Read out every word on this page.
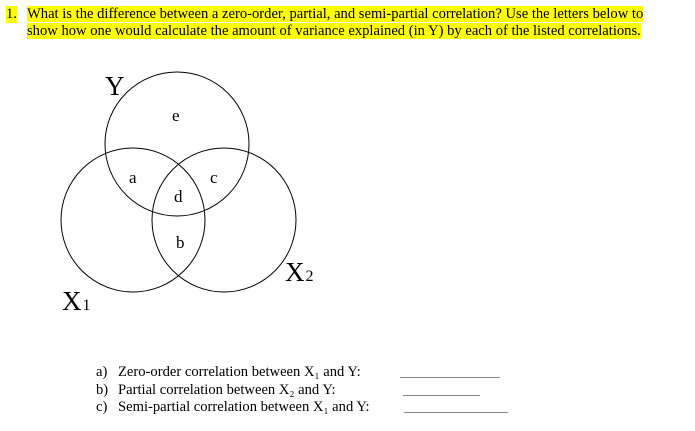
1. What is the difference between a zero-order, partial, and semi-partial correlation? Use the letters below to show how one would calculate the amount of variance explained (in Y) by each of the listed correlations.
Y
e
a	c
d
b
X2
X1
a) Zero-order correlation between X₁ and Y:
b) Partial correlation between X₂ and Y:
c) Semi-partial correlation between X₁ and Y:
